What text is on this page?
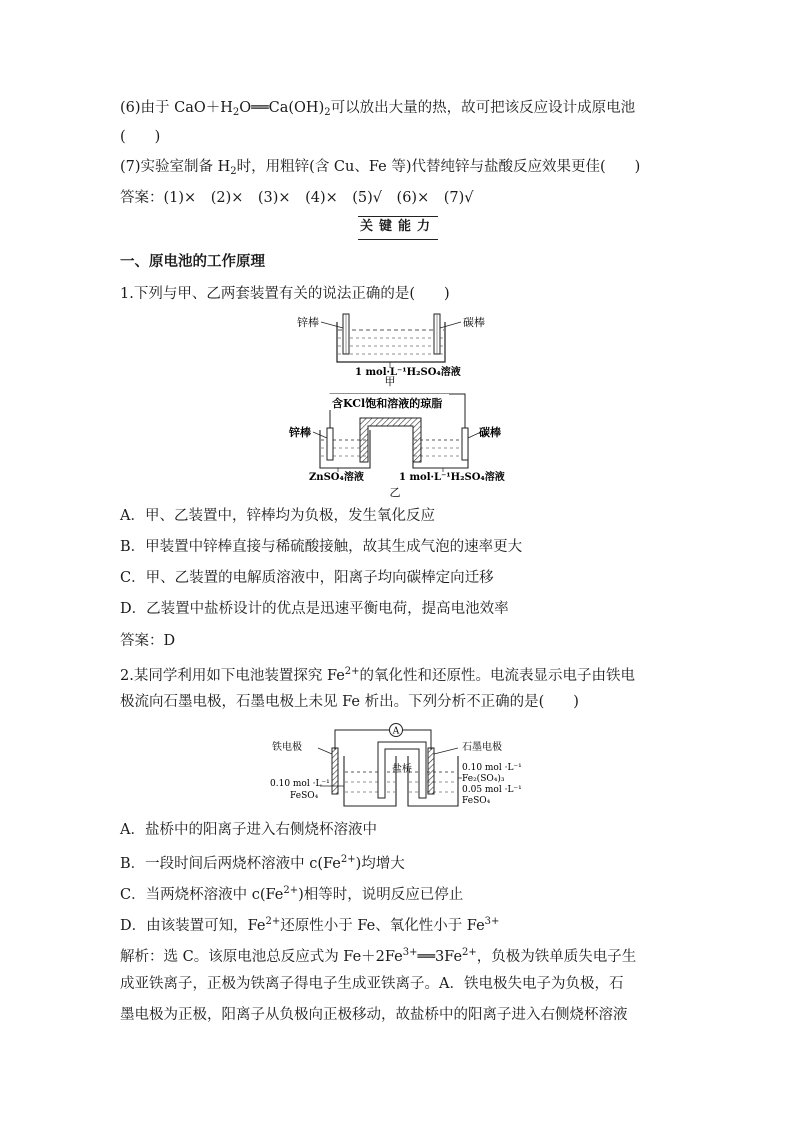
(6)由于 $CaO+H_2O══Ca(OH)_2$可以放出大量的热，故可把该反应设计成原电池
(　　)
(7)实验室制备 $H_2$时，用粗锌(含 Cu、Fe 等)代替纯锌与盐酸反应效果更佳(　　)
答案：(1)×　(2)×　(3)×　(4)×　(5)√　(6)×　(7)√
关键能力
一、原电池的工作原理
1.下列与甲、乙两套装置有关的说法正确的是(　　)
锌棒	碳棒
1 mol·L⁻¹H₂SO₄溶液
甲
含KCl饱和溶液的琼脂
锌棒	碳棒
ZnSO₄溶液	1 mol·L⁻¹H₂SO₄溶液
乙
A．甲、乙装置中，锌棒均为负极，发生氧化反应
B．甲装置中锌棒直接与稀硫酸接触，故其生成气泡的速率更大
C．甲、乙装置的电解质溶液中，阳离子均向碳棒定向迁移
D．乙装置中盐桥设计的优点是迅速平衡电荷，提高电池效率
答案：D
2.某同学利用如下电池装置探究 $Fe^{2+}$的氧化性和还原性。电流表显示电子由铁电
极流向石墨电极，石墨电极上未见 Fe 析出。下列分析不正确的是(　　)
A
盐桥
铁电极	石墨电极
0.10 mol ·L⁻¹
FeSO₄
0.10 mol ·L⁻¹
Fe₂(SO₄)₃
0.05 mol ·L⁻¹
FeSO₄
A．盐桥中的阳离子进入右侧烧杯溶液中
B．一段时间后两烧杯溶液中 $c(Fe^{2+})$均增大
C．当两烧杯溶液中 $c(Fe^{2+})$相等时，说明反应已停止
D．由该装置可知，$Fe^{2+}$还原性小于 Fe、氧化性小于 $Fe^{3+}$
解析：选 C。该原电池总反应式为 $Fe+2Fe^{3+}══3Fe^{2+}$，负极为铁单质失电子生
成亚铁离子，正极为铁离子得电子生成亚铁离子。A．铁电极失电子为负极，石
墨电极为正极，阳离子从负极向正极移动，故盐桥中的阳离子进入右侧烧杯溶液
